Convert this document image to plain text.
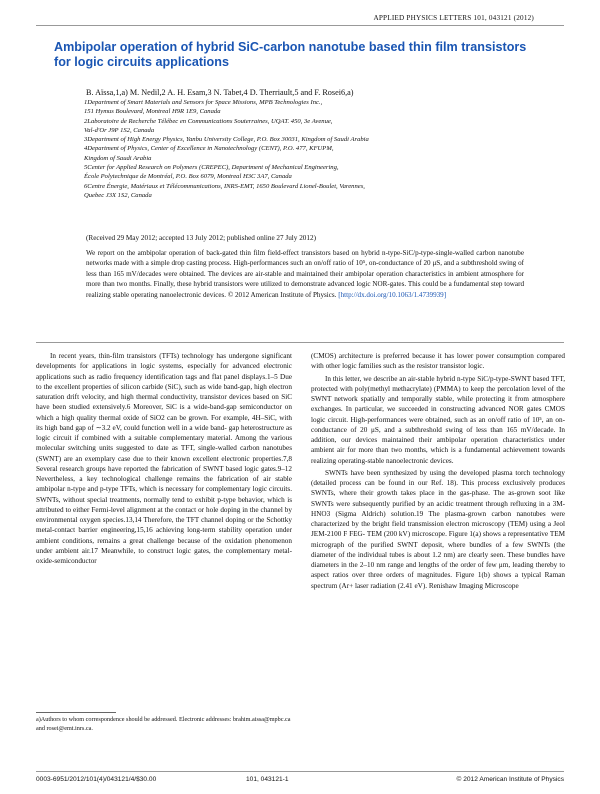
APPLIED PHYSICS LETTERS 101, 043121 (2012)
Ambipolar operation of hybrid SiC-carbon nanotube based thin film transistors for logic circuits applications
B. Aïssa,1,a) M. Nedil,2 A. H. Esam,3 N. Tabet,4 D. Therriault,5 and F. Rosei6,a)
1Department of Smart Materials and Sensors for Space Missions, MPB Technologies Inc.,
151 Hymus Boulevard, Montreal H9R 1E9, Canada
2Laboratoire de Recherche Télébec en Communications Souterraines, UQAT. 450, 3e Avenue,
Val-d'Or J9P 1S2, Canada
3Department of High Energy Physics, Yanbu University College, P.O. Box 30031, Kingdom of Saudi Arabia
4Department of Physics, Center of Excellence in Nanotechnology (CENT), P.O. 477, KFUPM,
Kingdom of Saudi Arabia
5Center for Applied Research on Polymers (CREPEC), Department of Mechanical Engineering,
École Polytechnique de Montréal, P.O. Box 6079, Montreal H3C 3A7, Canada
6Centre Énergie, Matériaux et Télécommunications, INRS-EMT, 1650 Boulevard Lionel-Boulet, Varennes,
Quebec J3X 1S2, Canada
(Received 29 May 2012; accepted 13 July 2012; published online 27 July 2012)
We report on the ambipolar operation of back-gated thin film field-effect transistors based on hybrid n-type-SiC/p-type-single-walled carbon nanotube networks made with a simple drop casting process. High-performances such an on/off ratio of 10⁵, on-conductance of 20 μS, and a subthreshold swing of less than 165 mV/decades were obtained. The devices are air-stable and maintained their ambipolar operation characteristics in ambient atmosphere for more than two months. Finally, these hybrid transistors were utilized to demonstrate advanced logic NOR-gates. This could be a fundamental step toward realizing stable operating nanoelectronic devices. © 2012 American Institute of Physics. [http://dx.doi.org/10.1063/1.4739939]

In recent years, thin-film transistors (TFTs) technology has undergone significant developments for applications in logic systems, especially for advanced electronic applications such as radio frequency identification tags and flat panel displays.1–5 Due to the excellent properties of silicon carbide (SiC), such as wide band-gap, high electron saturation drift velocity, and high thermal conductivity, transistor devices based on SiC have been studied extensively.6 Moreover, SiC is a wide-band-gap semiconductor on which a high quality thermal oxide of SiO2 can be grown. For example, 4H–SiC, with its high band gap of ∼3.2 eV, could function well in a wide band- gap heterostructure as logic circuit if combined with a suitable complementary material. Among the various molecular switching units suggested to date as TFT, single-walled carbon nanotubes (SWNT) are an exemplary case due to their known excellent electronic properties.7,8 Several research groups have reported the fabrication of SWNT based logic gates.9–12 Nevertheless, a key technological challenge remains the fabrication of air stable ambipolar n-type and p-type TFTs, which is necessary for complementary logic circuits. SWNTs, without special treatments, normally tend to exhibit p-type behavior, which is attributed to either Fermi-level alignment at the contact or hole doping in the channel by environmental oxygen species.13,14 Therefore, the TFT channel doping or the Schottky metal-contact barrier engineering,15,16 achieving long-term stability operation under ambient conditions, remains a great challenge because of the oxidation phenomenon under ambient air.17 Meanwhile, to construct logic gates, the complementary metal-oxide-semiconductor

(CMOS) architecture is preferred because it has lower power consumption compared with other logic families such as the resistor transistor logic.

In this letter, we describe an air-stable hybrid n-type SiC/p-type-SWNT based TFT, protected with poly(methyl methacrylate) (PMMA) to keep the percolation level of the SWNT network spatially and temporally stable, while protecting it from atmosphere exchanges. In particular, we succeeded in constructing advanced NOR gates CMOS logic circuit. High-performances were obtained, such as an on/off ratio of 10⁵, an on-conductance of 20 μS, and a subthreshold swing of less than 165 mV/decade. In addition, our devices maintained their ambipolar operation characteristics under ambient air for more than two months, which is a fundamental achievement towards realizing operating-stable nanoelectronic devices.

SWNTs have been synthesized by using the developed plasma torch technology (detailed process can be found in our Ref. 18). This process exclusively produces SWNTs, where their growth takes place in the gas-phase. The as-grown soot like SWNTs were subsequently purified by an acidic treatment through refluxing in a 3M-HNO3 (Sigma Aldrich) solution.19 The plasma-grown carbon nanotubes were characterized by the bright field transmission electron microscopy (TEM) using a Jeol JEM-2100 F FEG- TEM (200 kV) microscope. Figure 1(a) shows a representative TEM micrograph of the purified SWNT deposit, where bundles of a few SWNTs (the diameter of the individual tubes is about 1.2 nm) are clearly seen. These bundles have diameters in the 2–10 nm range and lengths of the order of few μm, leading thereby to aspect ratios over three orders of magnitudes. Figure 1(b) shows a typical Raman spectrum (Ar+ laser radiation (2.41 eV). Renishaw Imaging Microscope

a)Authors to whom correspondence should be addressed. Electronic addresses: brahim.aissa@mpbc.ca and rosei@emt.inrs.ca.
0003-6951/2012/101(4)/043121/4/$30.00	101, 043121-1	© 2012 American Institute of Physics
